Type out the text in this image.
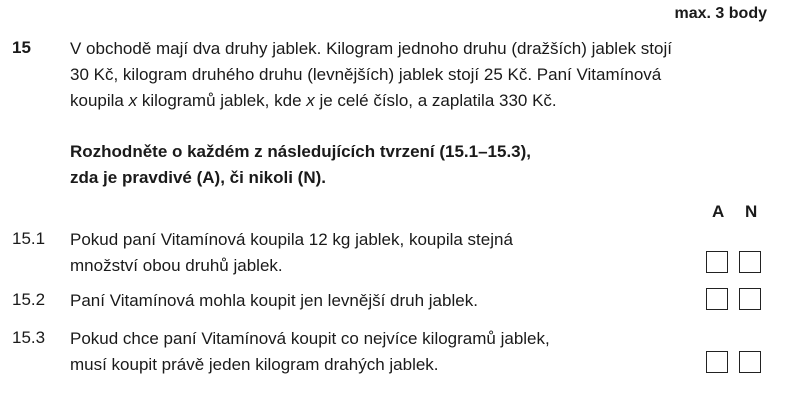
max. 3 body
15 V obchodě mají dva druhy jablek. Kilogram jednoho druhu (dražších) jablek stojí
30 Kč, kilogram druhého druhu (levnějších) jablek stojí 25 Kč. Paní Vitamínová
koupila x kilogramů jablek, kde x je celé číslo, a zaplatila 330 Kč.
Rozhodněte o každém z následujících tvrzení (15.1–15.3),
zda je pravdivé (A), či nikoli (N).
A N
15.1 Pokud paní Vitamínová koupila 12 kg jablek, koupila stejná
množství obou druhů jablek.
15.2 Paní Vitamínová mohla koupit jen levnější druh jablek.
15.3 Pokud chce paní Vitamínová koupit co nejvíce kilogramů jablek,
musí koupit právě jeden kilogram drahých jablek.
